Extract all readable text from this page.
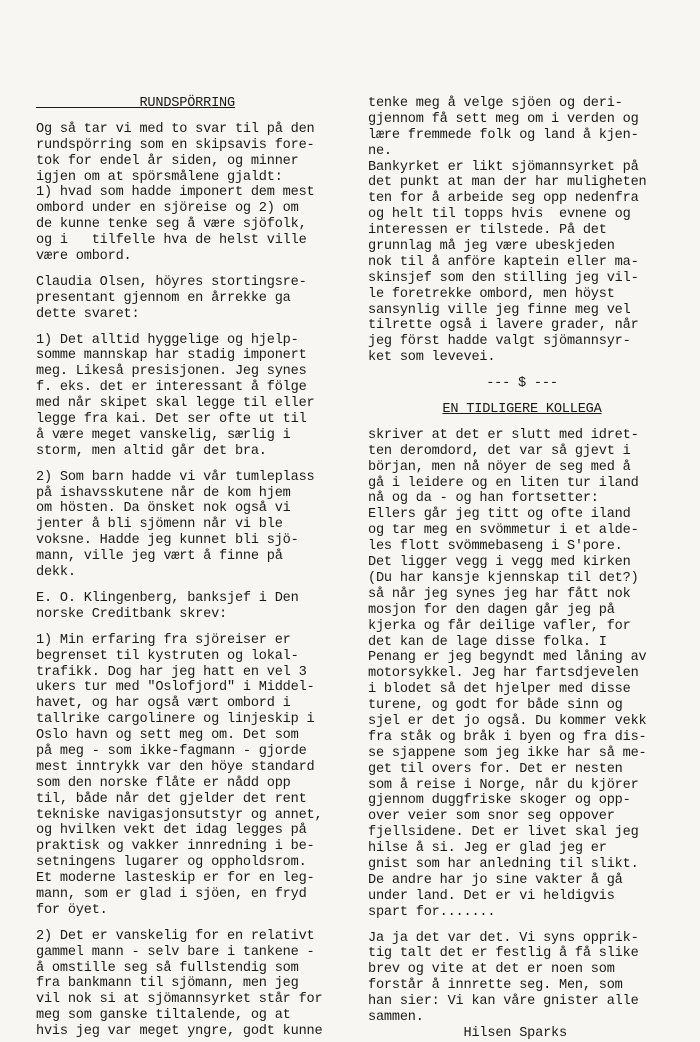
RUNDSPÖRRING
Og så tar vi med to svar til på den
rundspörring som en skipsavis fore-
tok for endel år siden, og minner
igjen om at spörsmålene gjaldt:
1) hvad som hadde imponert dem mest
ombord under en sjöreise og 2) om
de kunne tenke seg å være sjöfolk,
og i   tilfelle hva de helst ville
være ombord.
Claudia Olsen, höyres stortingsre-
presentant gjennom en årrekke ga
dette svaret:
1) Det alltid hyggelige og hjelp-
somme mannskap har stadig imponert
meg. Likeså presisjonen. Jeg synes
f. eks. det er interessant å fölge
med når skipet skal legge til eller
legge fra kai. Det ser ofte ut til
å være meget vanskelig, særlig i
storm, men altid går det bra.
2) Som barn hadde vi vår tumleplass
på ishavsskutene når de kom hjem
om hösten. Da önsket nok også vi
jenter å bli sjömenn når vi ble
voksne. Hadde jeg kunnet bli sjö-
mann, ville jeg vært å finne på
dekk.
E. O. Klingenberg, banksjef i Den
norske Creditbank skrev:
1) Min erfaring fra sjöreiser er
begrenset til kystruten og lokal-
trafikk. Dog har jeg hatt en vel 3
ukers tur med "Oslofjord" i Middel-
havet, og har også vært ombord i
tallrike cargolinere og linjeskip i
Oslo havn og sett meg om. Det som
på meg - som ikke-fagmann - gjorde
mest inntrykk var den höye standard
som den norske flåte er nådd opp
til, både når det gjelder det rent
tekniske navigasjonsutstyr og annet,
og hvilken vekt det idag legges på
praktisk og vakker innredning i be-
setningens lugarer og oppholdsrom.
Et moderne lasteskip er for en leg-
mann, som er glad i sjöen, en fryd
for öyet.
2) Det er vanskelig for en relativt
gammel mann - selv bare i tankene -
å omstille seg så fullstendig som
fra bankmann til sjömann, men jeg
vil nok si at sjömannsyrket står for
meg som ganske tiltalende, og at
hvis jeg var meget yngre, godt kunne
tenke meg å velge sjöen og deri-
gjennom få sett meg om i verden og
lære fremmede folk og land å kjen-
ne.
Bankyrket er likt sjömannsyrket på
det punkt at man der har muligheten
ten for å arbeide seg opp nedenfra
og helt til topps hvis  evnene og
interessen er tilstede. På det
grunnlag må jeg være ubeskjeden
nok til å anföre kaptein eller ma-
skinsjef som den stilling jeg vil-
le foretrekke ombord, men höyst
sansynlig ville jeg finne meg vel
tilrette også i lavere grader, når
jeg först hadde valgt sjömannsyr-
ket som levevei.
--- $ ---
EN TIDLIGERE KOLLEGA
skriver at det er slutt med idret-
ten deromdord, det var så gjevt i
början, men nå nöyer de seg med å
gå i leidere og en liten tur iland
nå og da - og han fortsetter:
Ellers går jeg titt og ofte iland
og tar meg en svömmetur i et alde-
les flott svömmebaseng i S'pore.
Det ligger vegg i vegg med kirken
(Du har kansje kjennskap til det?)
så når jeg synes jeg har fått nok
mosjon for den dagen går jeg på
kjerka og får deilige vafler, for
det kan de lage disse folka. I
Penang er jeg begyndt med låning av
motorsykkel. Jeg har fartsdjevelen
i blodet så det hjelper med disse
turene, og godt for både sinn og
sjel er det jo også. Du kommer vekk
fra ståk og bråk i byen og fra dis-
se sjappene som jeg ikke har så me-
get til overs for. Det er nesten
som å reise i Norge, når du kjörer
gjennom duggfriske skoger og opp-
over veier som snor seg oppover
fjellsidene. Det er livet skal jeg
hilse å si. Jeg er glad jeg er
gnist som har anledning til slikt.
De andre har jo sine vakter å gå
under land. Det er vi heldigvis
spart for.......
Ja ja det var det. Vi syns opprik-
tig talt det er festlig å få slike
brev og vite at det er noen som
forstår å innrette seg. Men, som
han sier: Vi kan våre gnister alle
sammen.
Hilsen Sparks
